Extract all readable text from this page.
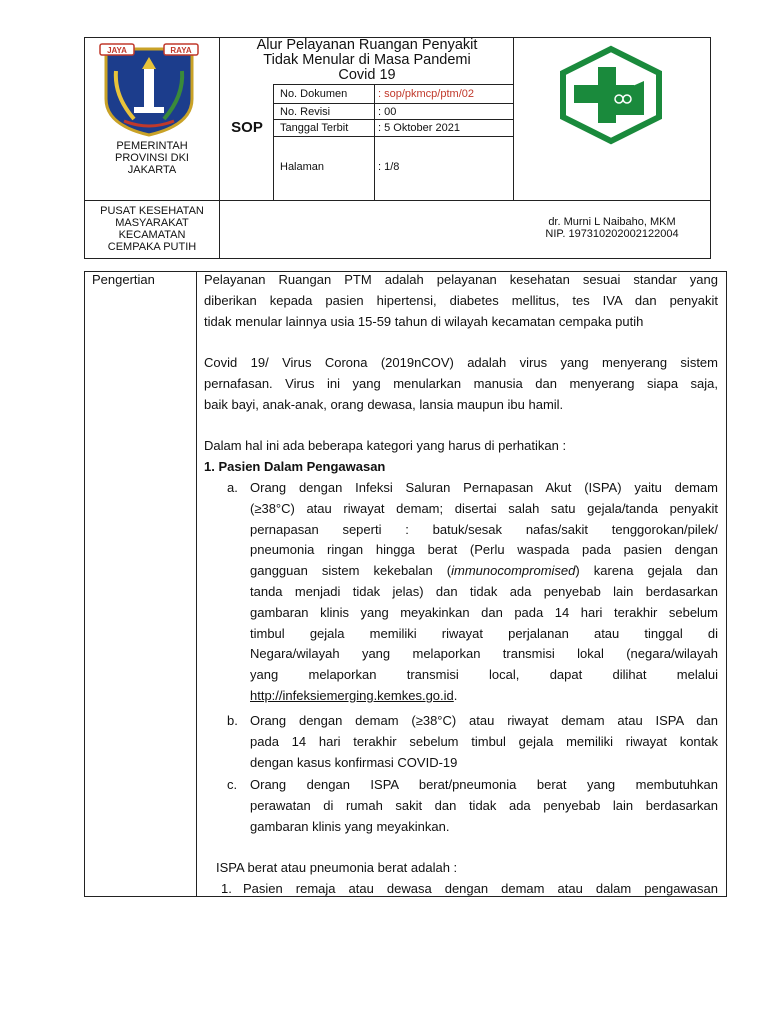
JAYA	RAYA
PEMERINTAH
PROVINSI DKI
JAKARTA
Alur Pelayanan Ruangan Penyakit
Tidak Menular di Masa Pandemi
Covid 19
SOP
No. Dokumen	: sop/pkmcp/ptm/02
No. Revisi	: 00
Tanggal Terbit	: 5 Oktober 2021
Halaman	: 1/8
PUSAT KESEHATAN
MASYARAKAT
KECAMATAN
CEMPAKA PUTIH
dr. Murni L Naibaho, MKM
NIP. 197310202002122004
Pengertian	Pelayanan Ruangan PTM adalah pelayanan kesehatan sesuai standar yang
diberikan kepada pasien hipertensi, diabetes mellitus, tes IVA dan penyakit
tidak menular lainnya usia 15-59 tahun di wilayah kecamatan cempaka putih
Covid 19/ Virus Corona (2019nCOV) adalah virus yang menyerang sistem
pernafasan. Virus ini yang menularkan manusia dan menyerang siapa saja,
baik bayi, anak-anak, orang dewasa, lansia maupun ibu hamil.
Dalam hal ini ada beberapa kategori yang harus di perhatikan :
1. Pasien Dalam Pengawasan
a. Orang dengan Infeksi Saluran Pernapasan Akut (ISPA) yaitu demam
(≥38°C) atau riwayat demam; disertai salah satu gejala/tanda penyakit
pernapasan seperti : batuk/sesak nafas/sakit tenggorokan/pilek/
pneumonia ringan hingga berat (Perlu waspada pada pasien dengan
gangguan sistem kekebalan (immunocompromised) karena gejala dan
tanda menjadi tidak jelas) dan tidak ada penyebab lain berdasarkan
gambaran klinis yang meyakinkan dan pada 14 hari terakhir sebelum
timbul gejala memiliki riwayat perjalanan atau tinggal di
Negara/wilayah yang melaporkan transmisi lokal (negara/wilayah
yang melaporkan transmisi local, dapat dilihat melalui
http://infeksiemerging.kemkes.go.id.
b. Orang dengan demam (≥38°C) atau riwayat demam atau ISPA dan
pada 14 hari terakhir sebelum timbul gejala memiliki riwayat kontak
dengan kasus konfirmasi COVID-19
c. Orang dengan ISPA berat/pneumonia berat yang membutuhkan
perawatan di rumah sakit dan tidak ada penyebab lain berdasarkan
gambaran klinis yang meyakinkan.
ISPA berat atau pneumonia berat adalah :
1. Pasien remaja atau dewasa dengan demam atau dalam pengawasan
